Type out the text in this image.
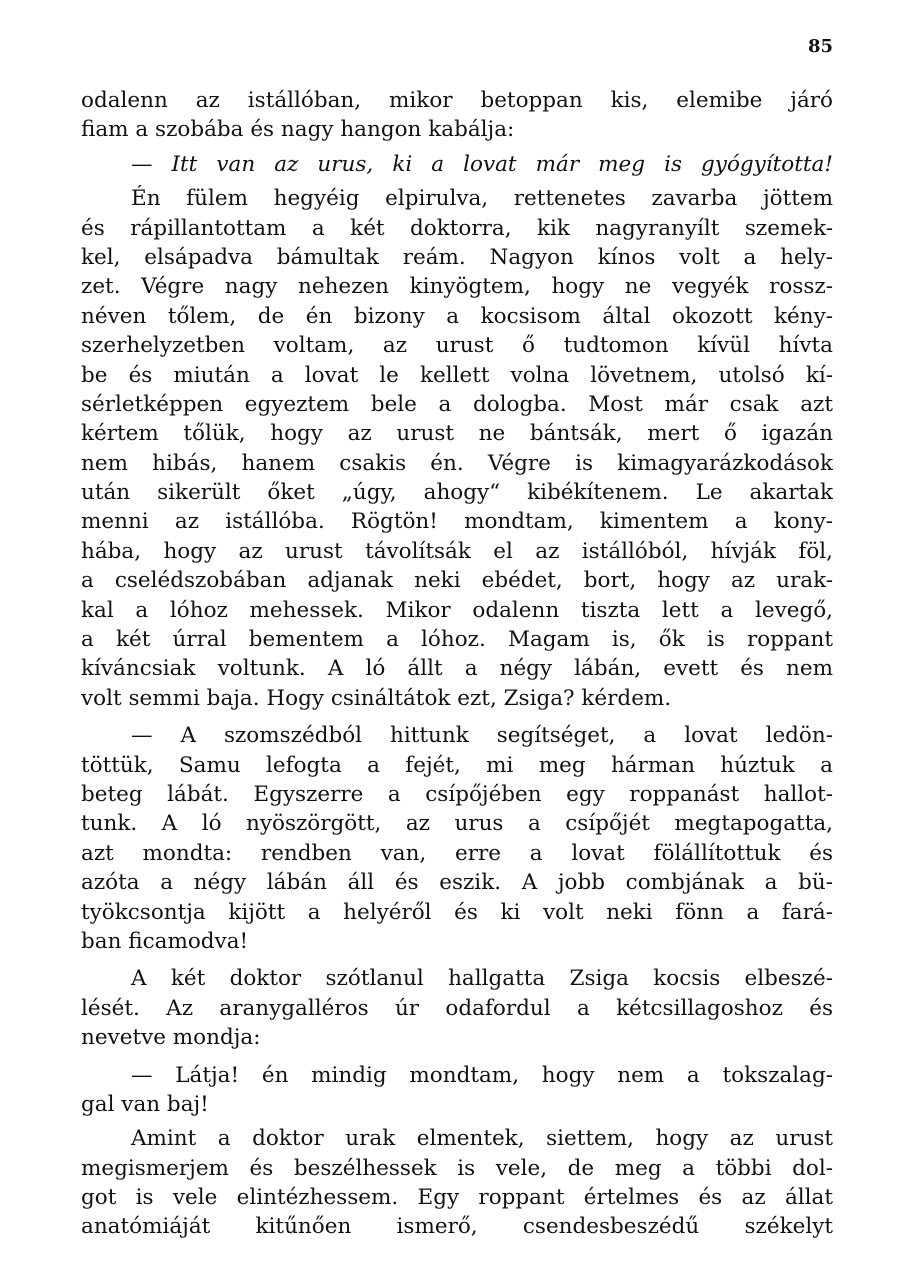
85
odalenn az istállóban, mikor betoppan kis, elemibe járó
fiam a szobába és nagy hangon kabálja:
— Itt van az urus, ki a lovat már meg is gyógyította!
Én fülem hegyéig elpirulva, rettenetes zavarba jöttem
és rápillantottam a két doktorra, kik nagyranyílt szemek-
kel, elsápadva bámultak reám. Nagyon kínos volt a hely-
zet. Végre nagy nehezen kinyögtem, hogy ne vegyék rossz-
néven tőlem, de én bizony a kocsisom által okozott kény-
szerhelyzetben voltam, az urust ő tudtomon kívül hívta
be és miután a lovat le kellett volna lövetnem, utolsó kí-
sérletképpen egyeztem bele a dologba. Most már csak azt
kértem tőlük, hogy az urust ne bántsák, mert ő igazán
nem hibás, hanem csakis én. Végre is kimagyarázkodások
után sikerült őket „úgy, ahogy“ kibékítenem. Le akartak
menni az istállóba. Rögtön! mondtam, kimentem a kony-
hába, hogy az urust távolítsák el az istállóból, hívják föl,
a cselédszobában adjanak neki ebédet, bort, hogy az urak-
kal a lóhoz mehessek. Mikor odalenn tiszta lett a levegő,
a két úrral bementem a lóhoz. Magam is, ők is roppant
kíváncsiak voltunk. A ló állt a négy lábán, evett és nem
volt semmi baja. Hogy csináltátok ezt, Zsiga? kérdem.
— A szomszédból hittunk segítséget, a lovat ledön-
töttük, Samu lefogta a fejét, mi meg hárman húztuk a
beteg lábát. Egyszerre a csípőjében egy roppanást hallot-
tunk. A ló nyöszörgött, az urus a csípőjét megtapogatta,
azt mondta: rendben van, erre a lovat fölállítottuk és
azóta a négy lábán áll és eszik. A jobb combjának a bü-
työkcsontja kijött a helyéről és ki volt neki fönn a fará-
ban ficamodva!
A két doktor szótlanul hallgatta Zsiga kocsis elbeszé-
lését. Az aranygalléros úr odafordul a kétcsillagoshoz és
nevetve mondja:
— Látja! én mindig mondtam, hogy nem a tokszalag-
gal van baj!
Amint a doktor urak elmentek, siettem, hogy az urust
megismerjem és beszélhessek is vele, de meg a többi dol-
got is vele elintézhessem. Egy roppant értelmes és az állat
anatómiáját kitűnően ismerő, csendesbeszédű székelyt
